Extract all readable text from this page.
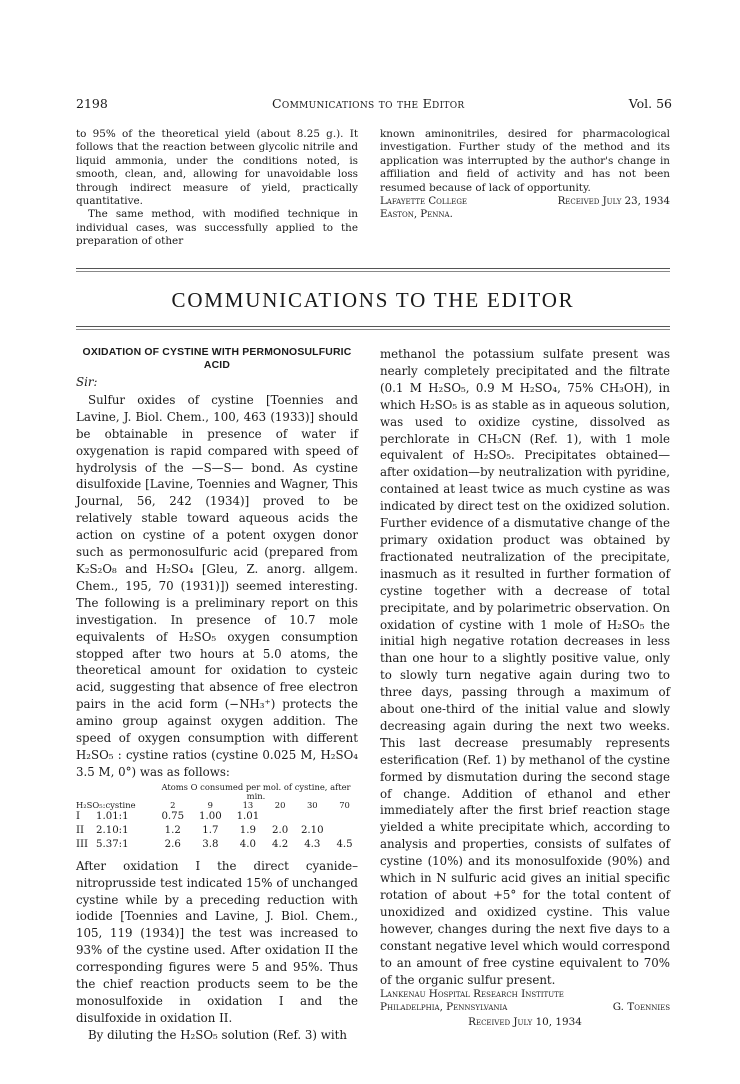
2198	Communications to the Editor	Vol. 56

to 95% of the theoretical yield (about 8.25 g.). It follows that the reaction between glycolic nitrile and liquid ammonia, under the conditions noted, is smooth, clean, and, allowing for unavoidable loss through indirect measure of yield, practically quantitative.

The same method, with modified technique in individual cases, was successfully applied to the preparation of other

known aminonitriles, desired for pharmacological investigation. Further study of the method and its application was interrupted by the author's change in affiliation and field of activity and has not been resumed because of lack of opportunity.

Lafayette College	Received July 23, 1934
Easton, Penna.
COMMUNICATIONS TO THE EDITOR
OXIDATION OF CYSTINE WITH PERMONOSULFURIC ACID
Sir:

Sulfur oxides of cystine [Toennies and Lavine, J. Biol. Chem., 100, 463 (1933)] should be obtainable in presence of water if oxygenation is rapid compared with speed of hydrolysis of the —S—S— bond. As cystine disulfoxide [Lavine, Toennies and Wagner, This Journal, 56, 242 (1934)] proved to be relatively stable toward aqueous acids the action on cystine of a potent oxygen donor such as permonosulfuric acid (prepared from K₂S₂O₈ and H₂SO₄ [Gleu, Z. anorg. allgem. Chem., 195, 70 (1931)]) seemed interesting. The following is a preliminary report on this investigation. In presence of 10.7 mole equivalents of H₂SO₅ oxygen consumption stopped after two hours at 5.0 atoms, the theoretical amount for oxidation to cysteic acid, suggesting that absence of free electron pairs in the acid form (−NH₃⁺) protects the amino group against oxygen addition. The speed of oxygen consumption with different H₂SO₅ : cystine ratios (cystine 0.025 M, H₂SO₄ 3.5 M, 0°) was as follows:

		Atoms O consumed per mol. of cystine, after min.					
H₂SO₅:cystine		2	9	13	20	30	70
I	1.01:1	0.75	1.00	1.01			
II	2.10:1	1.2	1.7	1.9	2.0	2.10	
III	5.37:1	2.6	3.8	4.0	4.2	4.3	4.5

After oxidation I the direct cyanide–nitroprusside test indicated 15% of unchanged cystine while by a preceding reduction with iodide [Toennies and Lavine, J. Biol. Chem., 105, 119 (1934)] the test was increased to 93% of the cystine used. After oxidation II the corresponding figures were 5 and 95%. Thus the chief reaction products seem to be the monosulfoxide in oxidation I and the disulfoxide in oxidation II.

By diluting the H₂SO₅ solution (Ref. 3) with

methanol the potassium sulfate present was nearly completely precipitated and the filtrate (0.1 M H₂SO₅, 0.9 M H₂SO₄, 75% CH₃OH), in which H₂SO₅ is as stable as in aqueous solution, was used to oxidize cystine, dissolved as perchlorate in CH₃CN (Ref. 1), with 1 mole equivalent of H₂SO₅. Precipitates obtained—after oxidation—by neutralization with pyridine, contained at least twice as much cystine as was indicated by direct test on the oxidized solution. Further evidence of a dismutative change of the primary oxidation product was obtained by fractionated neutralization of the precipitate, inasmuch as it resulted in further formation of cystine together with a decrease of total precipitate, and by polarimetric observation. On oxidation of cystine with 1 mole of H₂SO₅ the initial high negative rotation decreases in less than one hour to a slightly positive value, only to slowly turn negative again during two to three days, passing through a maximum of about one-third of the initial value and slowly decreasing again during the next two weeks. This last decrease presumably represents esterification (Ref. 1) by methanol of the cystine formed by dismutation during the second stage of change. Addition of ethanol and ether immediately after the first brief reaction stage yielded a white precipitate which, according to analysis and properties, consists of sulfates of cystine (10%) and its monosulfoxide (90%) and which in N sulfuric acid gives an initial specific rotation of about +5° for the total content of unoxidized and oxidized cystine. This value however, changes during the next five days to a constant negative level which would correspond to an amount of free cystine equivalent to 70% of the organic sulfur present.

Lankenau Hospital Research Institute
Philadelphia, Pennsylvania	G. Toennies
Received July 10, 1934
